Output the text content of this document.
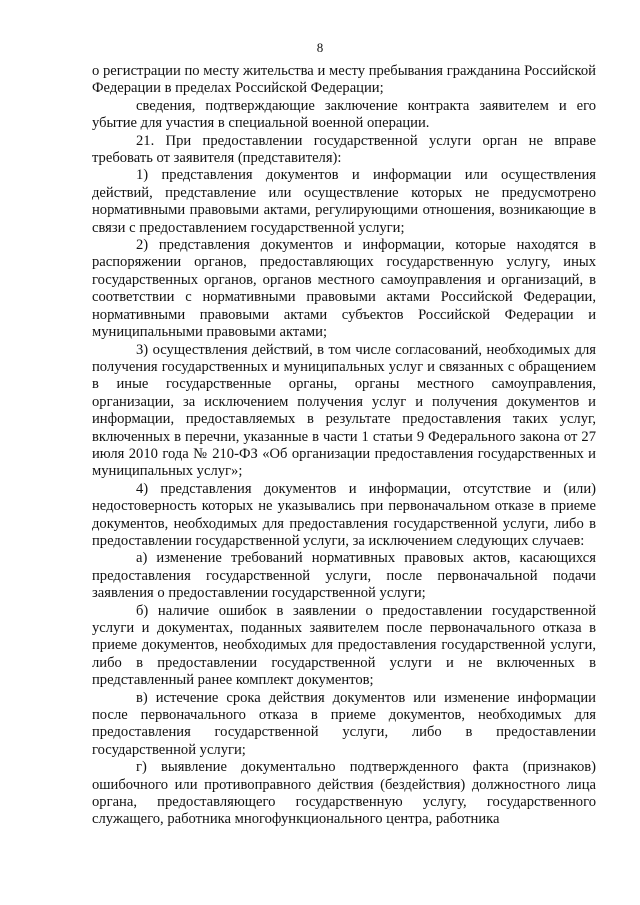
8

о регистрации по месту жительства и месту пребывания гражданина Российской Федерации в пределах Российской Федерации;

сведения, подтверждающие заключение контракта заявителем и его убытие для участия в специальной военной операции.

21. При предоставлении государственной услуги орган не вправе требовать от заявителя (представителя):

1) представления документов и информации или осуществления действий, представление или осуществление которых не предусмотрено нормативными правовыми актами, регулирующими отношения, возникающие в связи с предоставлением государственной услуги;

2) представления документов и информации, которые находятся в распоряжении органов, предоставляющих государственную услугу, иных государственных органов, органов местного самоуправления и организаций, в соответствии с нормативными правовыми актами Российской Федерации, нормативными правовыми актами субъектов Российской Федерации и муниципальными правовыми актами;

3) осуществления действий, в том числе согласований, необходимых для получения государственных и муниципальных услуг и связанных с обращением в иные государственные органы, органы местного самоуправления, организации, за исключением получения услуг и получения документов и информации, предоставляемых в результате предоставления таких услуг, включенных в перечни, указанные в части 1 статьи 9 Федерального закона от 27 июля 2010 года № 210-ФЗ «Об организации предоставления государственных и муниципальных услуг»;

4) представления документов и информации, отсутствие и (или) недостоверность которых не указывались при первоначальном отказе в приеме документов, необходимых для предоставления государственной услуги, либо в предоставлении государственной услуги, за исключением следующих случаев:

а) изменение требований нормативных правовых актов, касающихся предоставления государственной услуги, после первоначальной подачи заявления о предоставлении государственной услуги;

б) наличие ошибок в заявлении о предоставлении государственной услуги и документах, поданных заявителем после первоначального отказа в приеме документов, необходимых для предоставления государственной услуги, либо в предоставлении государственной услуги и не включенных в представленный ранее комплект документов;

в) истечение срока действия документов или изменение информации после первоначального отказа в приеме документов, необходимых для предоставления государственной услуги, либо в предоставлении государственной услуги;

г) выявление документально подтвержденного факта (признаков) ошибочного или противоправного действия (бездействия) должностного лица органа, предоставляющего государственную услугу, государственного служащего, работника многофункционального центра, работника
